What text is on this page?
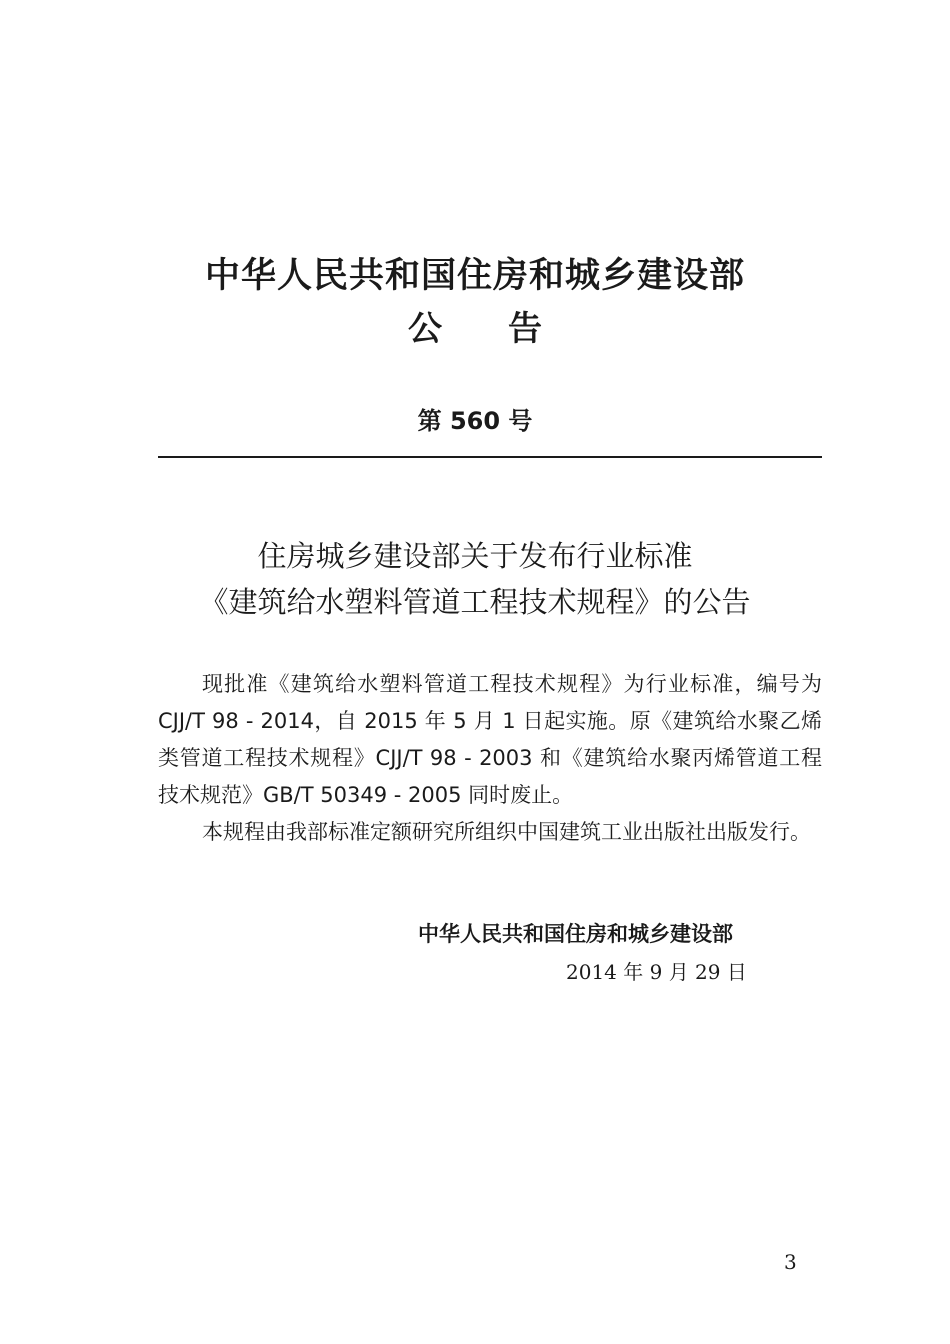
中华人民共和国住房和城乡建设部
公告
第 560 号
住房城乡建设部关于发布行业标准
《建筑给水塑料管道工程技术规程》的公告

现批准《建筑给水塑料管道工程技术规程》为行业标准，编号为 CJJ/T 98 - 2014，自 2015 年 5 月 1 日起实施。原《建筑给水聚乙烯类管道工程技术规程》CJJ/T 98 - 2003 和《建筑给水聚丙烯管道工程技术规范》GB/T 50349 - 2005 同时废止。

本规程由我部标准定额研究所组织中国建筑工业出版社出版发行。

中华人民共和国住房和城乡建设部
2014 年 9 月 29 日
3
